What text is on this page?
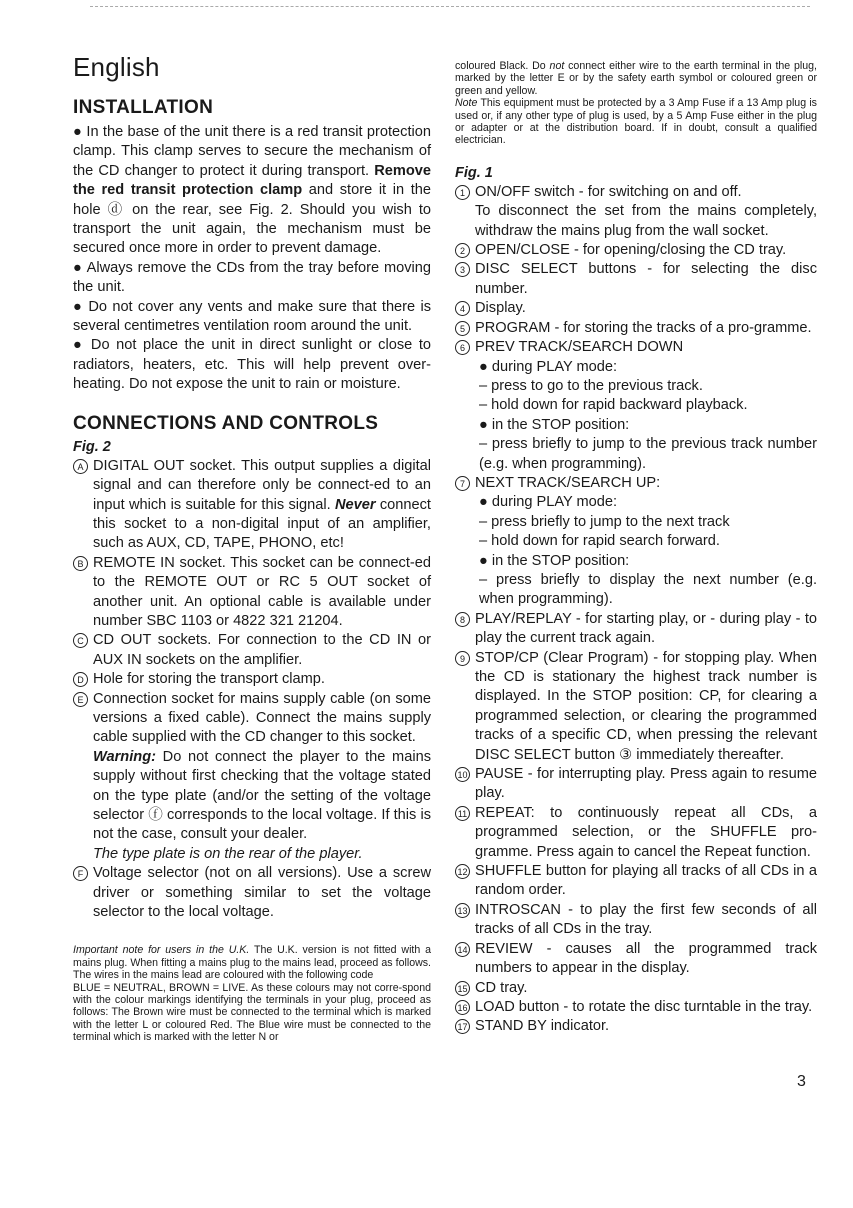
English
INSTALLATION

● In the base of the unit there is a red transit protection clamp. This clamp serves to secure the mechanism of the CD changer to protect it during transport. Remove the red transit protection clamp and store it in the hole ⓓ on the rear, see Fig. 2. Should you wish to transport the unit again, the mechanism must be secured once more in order to prevent damage.

● Always remove the CDs from the tray before moving the unit.

● Do not cover any vents and make sure that there is several centimetres ventilation room around the unit.

● Do not place the unit in direct sunlight or close to radiators, heaters, etc. This will help prevent over-heating. Do not expose the unit to rain or moisture.

CONNECTIONS AND CONTROLS
Fig. 2
A DIGITAL OUT socket. This output supplies a digital signal and can therefore only be connect-ed to an input which is suitable for this signal. Never connect this socket to a non-digital input of an amplifier, such as AUX, CD, TAPE, PHONO, etc!
B REMOTE IN socket. This socket can be connect-ed to the REMOTE OUT or RC 5 OUT socket of another unit. An optional cable is available under number SBC 1103 or 4822 321 21204.
C CD OUT sockets. For connection to the CD IN or AUX IN sockets on the amplifier.
D Hole for storing the transport clamp.
E Connection socket for mains supply cable (on some versions a fixed cable). Connect the mains supply cable supplied with the CD changer to this socket.
Warning: Do not connect the player to the mains supply without first checking that the voltage stated on the type plate (and/or the setting of the voltage selector ⓕ corresponds to the local voltage. If this is not the case, consult your dealer.
The type plate is on the rear of the player.
F Voltage selector (not on all versions). Use a screw driver or something similar to set the voltage selector to the local voltage.

Important note for users in the U.K. The U.K. version is not fitted with a mains plug. When fitting a mains plug to the mains lead, proceed as follows. The wires in the mains lead are coloured with the following code

BLUE = NEUTRAL, BROWN = LIVE. As these colours may not corre-spond with the colour markings identifying the terminals in your plug, proceed as follows: The Brown wire must be connected to the terminal which is marked with the letter L or coloured Red. The Blue wire must be connected to the terminal which is marked with the letter N or

coloured Black. Do not connect either wire to the earth terminal in the plug, marked by the letter E or by the safety earth symbol or coloured green or green and yellow.

Note This equipment must be protected by a 3 Amp Fuse if a 13 Amp plug is used or, if any other type of plug is used, by a 5 Amp Fuse either in the plug or adapter or at the distribution board. If in doubt, consult a qualified electrician.

Fig. 1
1 ON/OFF switch - for switching on and off.
To disconnect the set from the mains completely, withdraw the mains plug from the wall socket.
2 OPEN/CLOSE - for opening/closing the CD tray.
3 DISC SELECT buttons - for selecting the disc number.
4 Display.
5 PROGRAM - for storing the tracks of a pro-gramme.
6 PREV TRACK/SEARCH DOWN
● during PLAY mode:
– press to go to the previous track.
– hold down for rapid backward playback.
● in the STOP position:
– press briefly to jump to the previous track number (e.g. when programming).
7 NEXT TRACK/SEARCH UP:
● during PLAY mode:
– press briefly to jump to the next track
– hold down for rapid search forward.
● in the STOP position:
– press briefly to display the next number (e.g. when programming).
8 PLAY/REPLAY - for starting play, or - during play - to play the current track again.
9 STOP/CP (Clear Program) - for stopping play. When the CD is stationary the highest track number is displayed. In the STOP position: CP, for clearing a programmed selection, or clearing the programmed tracks of a specific CD, when pressing the relevant DISC SELECT button ③ immediately thereafter.
10 PAUSE - for interrupting play. Press again to resume play.
11 REPEAT: to continuously repeat all CDs, a programmed selection, or the SHUFFLE pro-gramme. Press again to cancel the Repeat function.
12 SHUFFLE button for playing all tracks of all CDs in a random order.
13 INTROSCAN - to play the first few seconds of all tracks of all CDs in the tray.
14 REVIEW - causes all the programmed track numbers to appear in the display.
15 CD tray.
16 LOAD button - to rotate the disc turntable in the tray.
17 STAND BY indicator.
3
